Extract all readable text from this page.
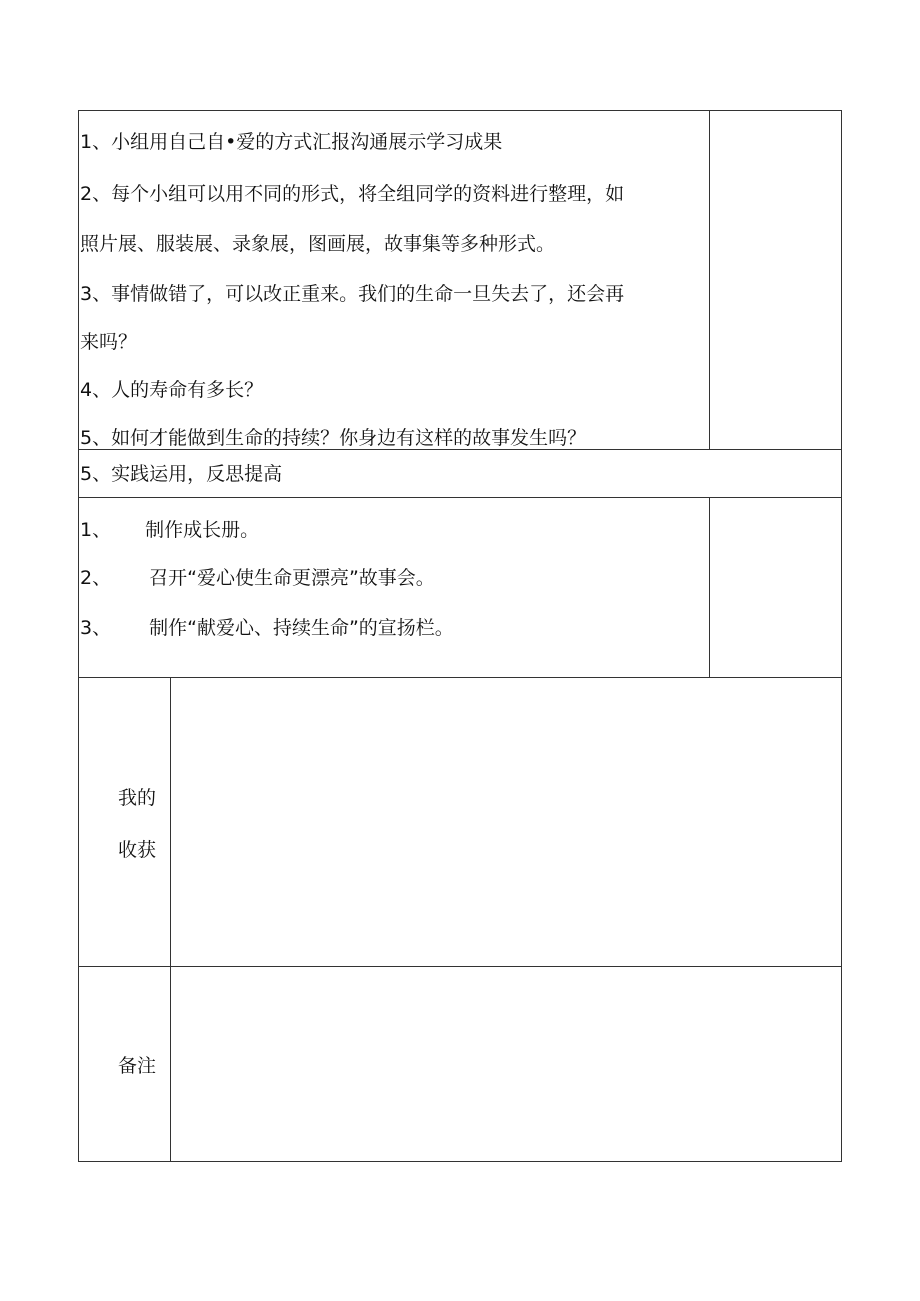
1、小组用自己自•爱的方式汇报沟通展示学习成果
2、每个小组可以用不同的形式，将全组同学的资料进行整理，如
照片展、服装展、录象展，图画展，故事集等多种形式。
3、事情做错了，可以改正重来。我们的生命一旦失去了，还会再
来吗？
4、人的寿命有多长？
5、如何才能做到生命的持续？你身边有这样的故事发生吗？
5、实践运用，反思提高
1、 制作成长册。
2、 召开“爱心使生命更漂亮”故事会。
3、 制作“献爱心、持续生命”的宣扬栏。
我的
收获
备注
